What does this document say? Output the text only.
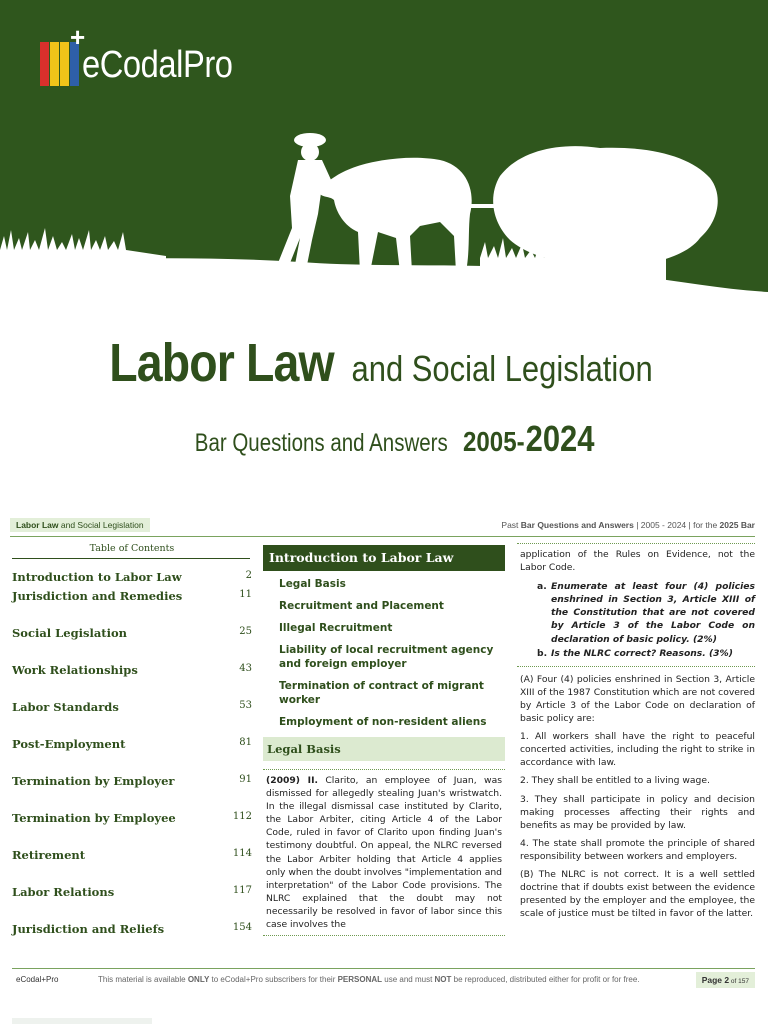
+
eCodalPro
Labor Law and Social Legislation
Bar Questions and Answers 2005- 2024
Labor Law and Social Legislation	Past Bar Questions and Answers | 2005 - 2024 | for the 2025 Bar
Table of Contents
Introduction to Labor Law	2
Jurisdiction and Remedies	11
Social Legislation	25
Work Relationships	43
Labor Standards	53
Post-Employment	81
Termination by Employer	91
Termination by Employee	112
Retirement	114
Labor Relations	117
Jurisdiction and Reliefs	154
Introduction to Labor Law
Legal Basis
Recruitment and Placement
Illegal Recruitment
Liability of local recruitment agency and foreign employer
Termination of contract of migrant worker
Employment of non-resident aliens
Legal Basis
(2009) II. Clarito, an employee of Juan, was dismissed for allegedly stealing Juan's wristwatch. In the illegal dismissal case instituted by Clarito, the Labor Arbiter, citing Article 4 of the Labor Code, ruled in favor of Clarito upon finding Juan's testimony doubtful. On appeal, the NLRC reversed the Labor Arbiter holding that Article 4 applies only when the doubt involves "implementation and interpretation" of the Labor Code provisions. The NLRC explained that the doubt may not necessarily be resolved in favor of labor since this case involves the
application of the Rules on Evidence, not the Labor Code.
a. Enumerate at least four (4) policies enshrined in Section 3, Article XIII of the Constitution that are not covered by Article 3 of the Labor Code on declaration of basic policy. (2%)
b. Is the NLRC correct? Reasons. (3%)
(A) Four (4) policies enshrined in Section 3, Article XIII of the 1987 Constitution which are not covered by Article 3 of the Labor Code on declaration of basic policy are:
1. All workers shall have the right to peaceful concerted activities, including the right to strike in accordance with law.
2. They shall be entitled to a living wage.
3. They shall participate in policy and decision making processes affecting their rights and benefits as may be provided by law.
4. The state shall promote the principle of shared responsibility between workers and employers.
(B) The NLRC is not correct. It is a well settled doctrine that if doubts exist between the evidence presented by the employer and the employee, the scale of justice must be tilted in favor of the latter.
eCodal+Pro	This material is available ONLY to eCodal+Pro subscribers for their PERSONAL use and must NOT be reproduced, distributed either for profit or for free.	Page 2 of 157
